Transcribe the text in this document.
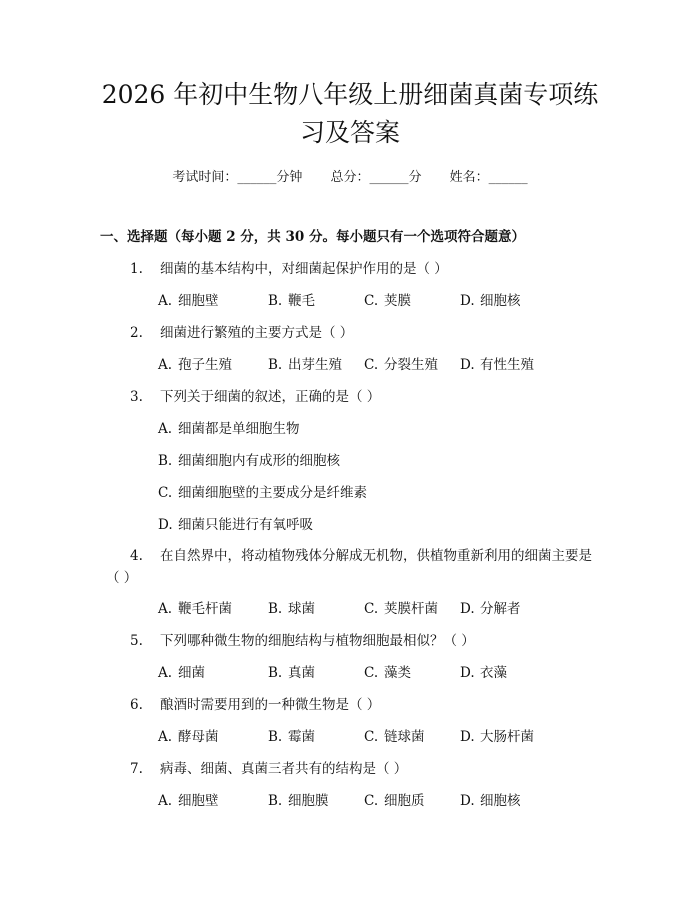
2026 年初中生物八年级上册细菌真菌专项练
习及答案
考试时间：______分钟 总分：______分 姓名：______
一、选择题（每小题 2 分，共 30 分。每小题只有一个选项符合题意）
1. 细菌的基本结构中，对细菌起保护作用的是（ ）
A. 细胞壁	B. 鞭毛	C. 荚膜	D. 细胞核
2. 细菌进行繁殖的主要方式是（ ）
A. 孢子生殖	B. 出芽生殖 C. 分裂生殖 D. 有性生殖
3. 下列关于细菌的叙述，正确的是（ ）
A. 细菌都是单细胞生物
B. 细菌细胞内有成形的细胞核
C. 细菌细胞壁的主要成分是纤维素
D. 细菌只能进行有氧呼吸
4. 在自然界中，将动植物残体分解成无机物，供植物重新利用的细菌主要是
（ ）
A. 鞭毛杆菌	B. 球菌	C. 荚膜杆菌 D. 分解者
5. 下列哪种微生物的细胞结构与植物细胞最相似？（ ）
A. 细菌	B. 真菌	C. 藻类	D. 衣藻
6. 酿酒时需要用到的一种微生物是（ ）
A. 酵母菌	B. 霉菌	C. 链球菌	D. 大肠杆菌
7. 病毒、细菌、真菌三者共有的结构是（ ）
A. 细胞壁	B. 细胞膜	C. 细胞质	D. 细胞核
